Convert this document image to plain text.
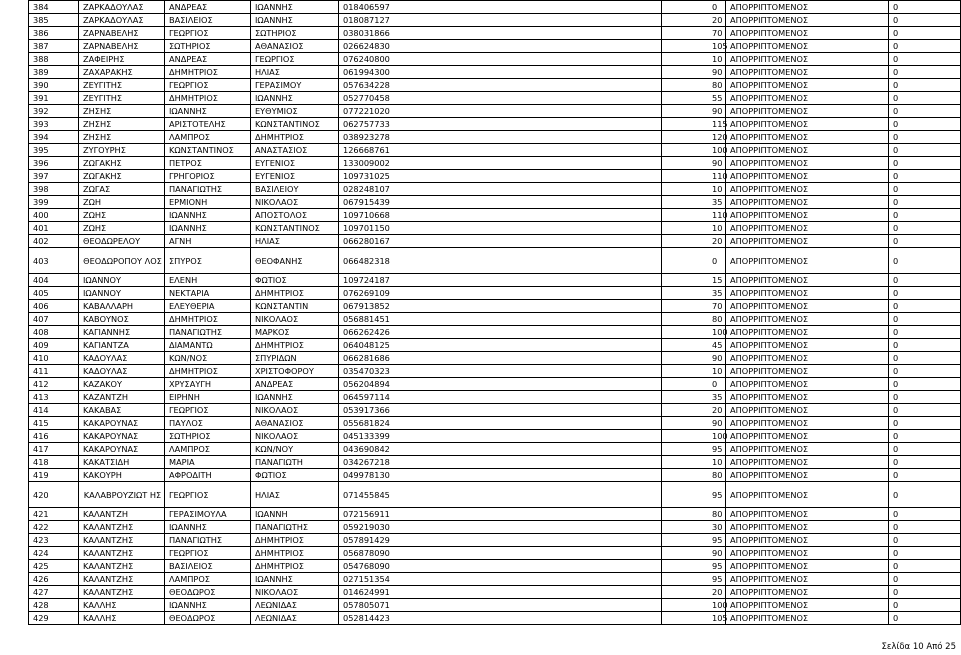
384	ΖΑΡΚΑΔΟΥΛΑΣ	ΑΝΔΡΕΑΣ	ΙΩΑΝΝΗΣ	018406597	0	ΑΠΟΡΡΙΠΤΟΜΕΝΟΣ	0
385	ΖΑΡΚΑΔΟΥΛΑΣ	ΒΑΣΙΛΕΙΟΣ	ΙΩΑΝΝΗΣ	018087127	20	ΑΠΟΡΡΙΠΤΟΜΕΝΟΣ	0
386	ΖΑΡΝΑΒΕΛΗΣ	ΓΕΩΡΓΙΟΣ	ΣΩΤΗΡΙΟΣ	038031866	70	ΑΠΟΡΡΙΠΤΟΜΕΝΟΣ	0
387	ΖΑΡΝΑΒΕΛΗΣ	ΣΩΤΗΡΙΟΣ	ΑΘΑΝΑΣΙΟΣ	026624830	105	ΑΠΟΡΡΙΠΤΟΜΕΝΟΣ	0
388	ΖΑΦΕΙΡΗΣ	ΑΝΔΡΕΑΣ	ΓΕΩΡΓΙΟΣ	076240800	10	ΑΠΟΡΡΙΠΤΟΜΕΝΟΣ	0
389	ΖΑΧΑΡΑΚΗΣ	ΔΗΜΗΤΡΙΟΣ	ΗΛΙΑΣ	061994300	90	ΑΠΟΡΡΙΠΤΟΜΕΝΟΣ	0
390	ΖΕΥΓΙΤΗΣ	ΓΕΩΡΓΙΟΣ	ΓΕΡΑΣΙΜΟΥ	057634228	80	ΑΠΟΡΡΙΠΤΟΜΕΝΟΣ	0
391	ΖΕΥΓΙΤΗΣ	ΔΗΜΗΤΡΙΟΣ	ΙΩΑΝΝΗΣ	052770458	55	ΑΠΟΡΡΙΠΤΟΜΕΝΟΣ	0
392	ΖΗΣΗΣ	ΙΩΑΝΝΗΣ	ΕΥΘΥΜΙΟΣ	077221020	90	ΑΠΟΡΡΙΠΤΟΜΕΝΟΣ	0
393	ΖΗΣΗΣ	ΑΡΙΣΤΟΤΕΛΗΣ	ΚΩΝΣΤΑΝΤΙΝΟΣ	062757733	115	ΑΠΟΡΡΙΠΤΟΜΕΝΟΣ	0
394	ΖΗΣΗΣ	ΛΑΜΠΡΟΣ	ΔΗΜΗΤΡΙΟΣ	038923278	120	ΑΠΟΡΡΙΠΤΟΜΕΝΟΣ	0
395	ΖΥΓΟΥΡΗΣ	ΚΩΝΣΤΑΝΤΙΝΟΣ	ΑΝΑΣΤΑΣΙΟΣ	126668761	100	ΑΠΟΡΡΙΠΤΟΜΕΝΟΣ	0
396	ΖΩΓΑΚΗΣ	ΠΕΤΡΟΣ	ΕΥΓΕΝΙΟΣ	133009002	90	ΑΠΟΡΡΙΠΤΟΜΕΝΟΣ	0
397	ΖΩΓΑΚΗΣ	ΓΡΗΓΟΡΙΟΣ	ΕΥΓΕΝΙΟΣ	109731025	110	ΑΠΟΡΡΙΠΤΟΜΕΝΟΣ	0
398	ΖΩΓΑΣ	ΠΑΝΑΓΙΩΤΗΣ	ΒΑΣΙΛΕΙΟΥ	028248107	10	ΑΠΟΡΡΙΠΤΟΜΕΝΟΣ	0
399	ΖΩΗ	ΕΡΜΙΟΝΗ	ΝΙΚΟΛΑΟΣ	067915439	35	ΑΠΟΡΡΙΠΤΟΜΕΝΟΣ	0
400	ΖΩΗΣ	ΙΩΑΝΝΗΣ	ΑΠΟΣΤΟΛΟΣ	109710668	110	ΑΠΟΡΡΙΠΤΟΜΕΝΟΣ	0
401	ΖΩΗΣ	ΙΩΑΝΝΗΣ	ΚΩΝΣΤΑΝΤΙΝΟΣ	109701150	10	ΑΠΟΡΡΙΠΤΟΜΕΝΟΣ	0
402	ΘΕΟΔΩΡΕΛΟΥ	ΑΓΝΗ	ΗΛΙΑΣ	066280167	20	ΑΠΟΡΡΙΠΤΟΜΕΝΟΣ	0
403	ΘΕΟΔΩΡΟΠΟΥ ΛΟΣ	ΣΠΥΡΟΣ	ΘΕΟΦΑΝΗΣ	066482318	0	ΑΠΟΡΡΙΠΤΟΜΕΝΟΣ	0
404	ΙΩΑΝΝΟΥ	ΕΛΕΝΗ	ΦΩΤΙΟΣ	109724187	15	ΑΠΟΡΡΙΠΤΟΜΕΝΟΣ	0
405	ΙΩΑΝΝΟΥ	ΝΕΚΤΑΡΙΑ	ΔΗΜΗΤΡΙΟΣ	076269109	35	ΑΠΟΡΡΙΠΤΟΜΕΝΟΣ	0
406	ΚΑΒΑΛΛΑΡΗ	ΕΛΕΥΘΕΡΙΑ	ΚΩΝΣΤΑΝΤΙΝ	067913852	70	ΑΠΟΡΡΙΠΤΟΜΕΝΟΣ	0
407	ΚΑΒΟΥΝΟΣ	ΔΗΜΗΤΡΙΟΣ	ΝΙΚΟΛΑΟΣ	056881451	80	ΑΠΟΡΡΙΠΤΟΜΕΝΟΣ	0
408	ΚΑΓΙΑΝΝΗΣ	ΠΑΝΑΓΙΩΤΗΣ	ΜΑΡΚΟΣ	066262426	100	ΑΠΟΡΡΙΠΤΟΜΕΝΟΣ	0
409	ΚΑΓΙΑΝΤΖΑ	ΔΙΑΜΑΝΤΩ	ΔΗΜΗΤΡΙΟΣ	064048125	45	ΑΠΟΡΡΙΠΤΟΜΕΝΟΣ	0
410	ΚΑΔΟΥΛΑΣ	ΚΩΝ/ΝΟΣ	ΣΠΥΡΙΔΩΝ	066281686	90	ΑΠΟΡΡΙΠΤΟΜΕΝΟΣ	0
411	ΚΑΔΟΥΛΑΣ	ΔΗΜΗΤΡΙΟΣ	ΧΡΙΣΤΟΦΟΡΟΥ	035470323	10	ΑΠΟΡΡΙΠΤΟΜΕΝΟΣ	0
412	ΚΑΖΑΚΟΥ	ΧΡΥΣΑΥΓΗ	ΑΝΔΡΕΑΣ	056204894	0	ΑΠΟΡΡΙΠΤΟΜΕΝΟΣ	0
413	ΚΑΖΑΝΤΖΗ	ΕΙΡΗΝΗ	ΙΩΑΝΝΗΣ	064597114	35	ΑΠΟΡΡΙΠΤΟΜΕΝΟΣ	0
414	ΚΑΚΑΒΑΣ	ΓΕΩΡΓΙΟΣ	ΝΙΚΟΛΑΟΣ	053917366	20	ΑΠΟΡΡΙΠΤΟΜΕΝΟΣ	0
415	ΚΑΚΑΡΟΥΝΑΣ	ΠΑΥΛΟΣ	ΑΘΑΝΑΣΙΟΣ	055681824	90	ΑΠΟΡΡΙΠΤΟΜΕΝΟΣ	0
416	ΚΑΚΑΡΟΥΝΑΣ	ΣΩΤΗΡΙΟΣ	ΝΙΚΟΛΑΟΣ	045133399	100	ΑΠΟΡΡΙΠΤΟΜΕΝΟΣ	0
417	ΚΑΚΑΡΟΥΝΑΣ	ΛΑΜΠΡΟΣ	ΚΩΝ/ΝΟΥ	043690842	95	ΑΠΟΡΡΙΠΤΟΜΕΝΟΣ	0
418	ΚΑΚΑΤΣΙΔΗ	ΜΑΡΙΑ	ΠΑΝΑΓΙΩΤΗ	034267218	10	ΑΠΟΡΡΙΠΤΟΜΕΝΟΣ	0
419	ΚΑΚΟΥΡΗ	ΑΦΡΟΔΙΤΗ	ΦΩΤΙΟΣ	049978130	80	ΑΠΟΡΡΙΠΤΟΜΕΝΟΣ	0
420	ΚΑΛΑΒΡΟΥΖΙΩΤ ΗΣ	ΓΕΩΡΓΙΟΣ	ΗΛΙΑΣ	071455845	95	ΑΠΟΡΡΙΠΤΟΜΕΝΟΣ	0
421	ΚΑΛΑΝΤΖΗ	ΓΕΡΑΣΙΜΟΥΛΑ	ΙΩΑΝΝΗ	072156911	80	ΑΠΟΡΡΙΠΤΟΜΕΝΟΣ	0
422	ΚΑΛΑΝΤΖΗΣ	ΙΩΑΝΝΗΣ	ΠΑΝΑΓΙΩΤΗΣ	059219030	30	ΑΠΟΡΡΙΠΤΟΜΕΝΟΣ	0
423	ΚΑΛΑΝΤΖΗΣ	ΠΑΝΑΓΙΩΤΗΣ	ΔΗΜΗΤΡΙΟΣ	057891429	95	ΑΠΟΡΡΙΠΤΟΜΕΝΟΣ	0
424	ΚΑΛΑΝΤΖΗΣ	ΓΕΩΡΓΙΟΣ	ΔΗΜΗΤΡΙΟΣ	056878090	90	ΑΠΟΡΡΙΠΤΟΜΕΝΟΣ	0
425	ΚΑΛΑΝΤΖΗΣ	ΒΑΣΙΛΕΙΟΣ	ΔΗΜΗΤΡΙΟΣ	054768090	95	ΑΠΟΡΡΙΠΤΟΜΕΝΟΣ	0
426	ΚΑΛΑΝΤΖΗΣ	ΛΑΜΠΡΟΣ	ΙΩΑΝΝΗΣ	027151354	95	ΑΠΟΡΡΙΠΤΟΜΕΝΟΣ	0
427	ΚΑΛΑΝΤΖΗΣ	ΘΕΟΔΩΡΟΣ	ΝΙΚΟΛΑΟΣ	014624991	20	ΑΠΟΡΡΙΠΤΟΜΕΝΟΣ	0
428	ΚΑΛΛΗΣ	ΙΩΑΝΝΗΣ	ΛΕΩΝΙΔΑΣ	057805071	100	ΑΠΟΡΡΙΠΤΟΜΕΝΟΣ	0
429	ΚΑΛΛΗΣ	ΘΕΟΔΩΡΟΣ	ΛΕΩΝΙΔΑΣ	052814423	105	ΑΠΟΡΡΙΠΤΟΜΕΝΟΣ	0
Σελίδα 10 Από 25
